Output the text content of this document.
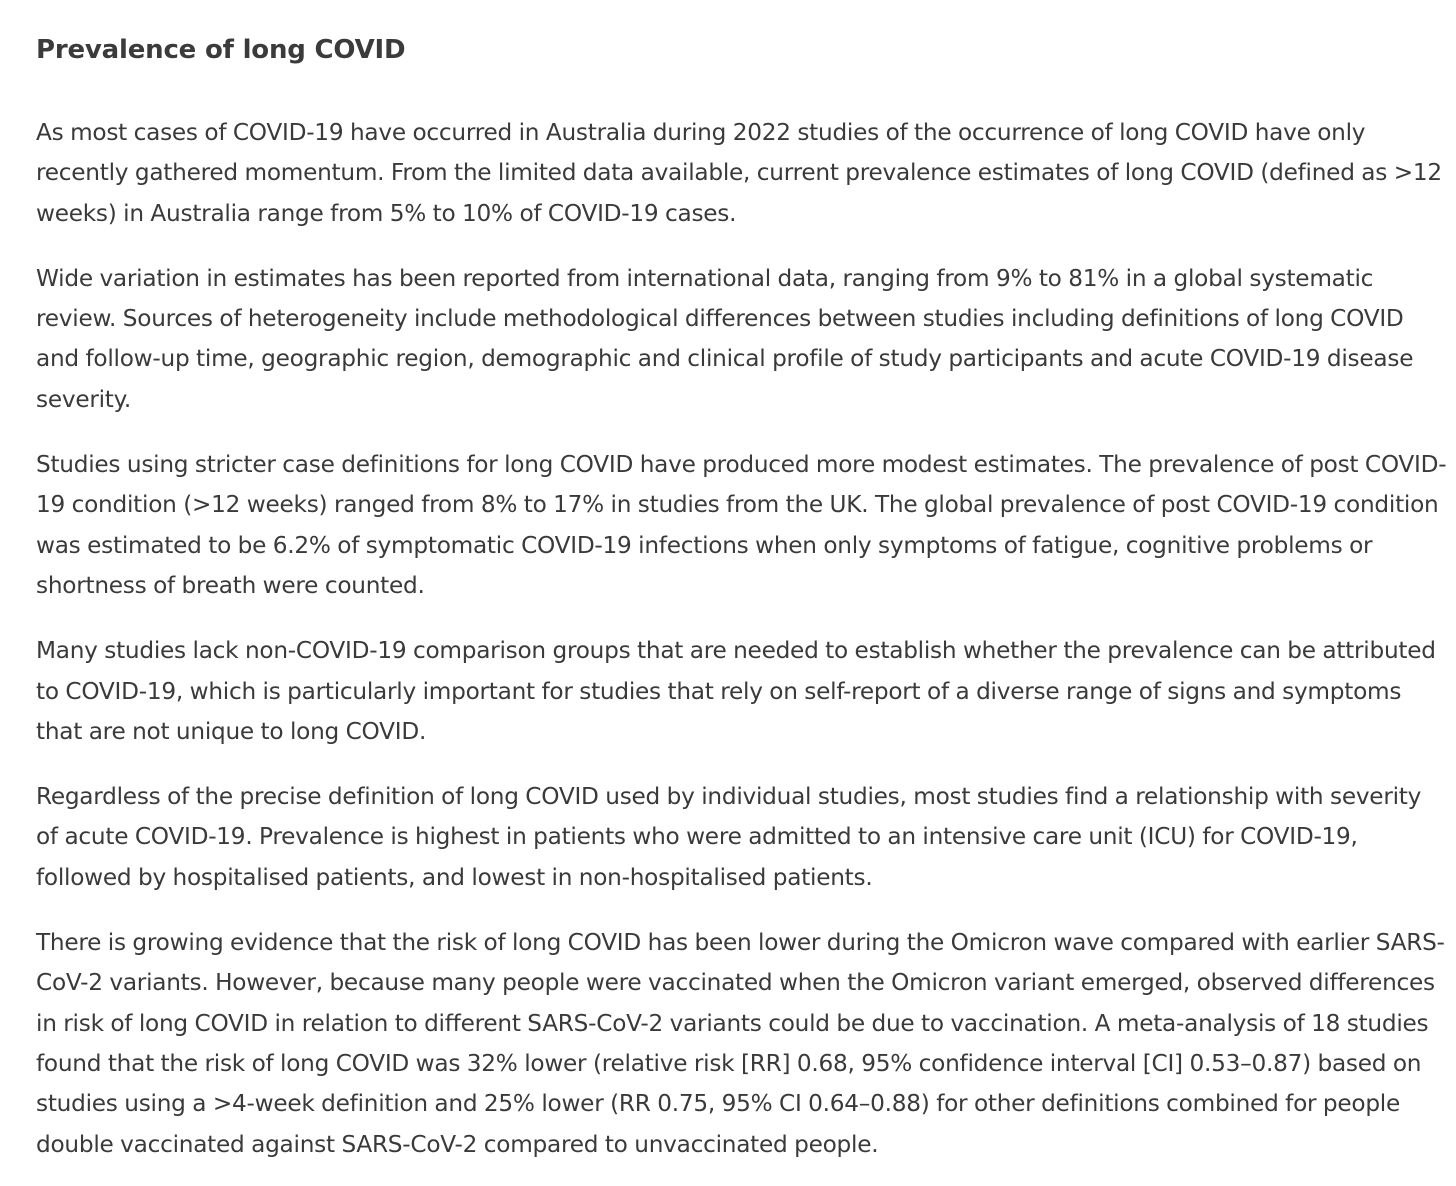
Prevalence of long COVID

As most cases of COVID-19 have occurred in Australia during 2022 studies of the occurrence of long COVID have only recently gathered momentum. From the limited data available, current prevalence estimates of long COVID (defined as >12 weeks) in Australia range from 5% to 10% of COVID-19 cases.

Wide variation in estimates has been reported from international data, ranging from 9% to 81% in a global systematic review. Sources of heterogeneity include methodological differences between studies including definitions of long COVID and follow-up time, geographic region, demographic and clinical profile of study participants and acute COVID-19 disease severity.

Studies using stricter case definitions for long COVID have produced more modest estimates. The prevalence of post COVID-19 condition (>12 weeks) ranged from 8% to 17% in studies from the UK. The global prevalence of post COVID-19 condition was estimated to be 6.2% of symptomatic COVID-19 infections when only symptoms of fatigue, cognitive problems or shortness of breath were counted.

Many studies lack non-COVID-19 comparison groups that are needed to establish whether the prevalence can be attributed to COVID-19, which is particularly important for studies that rely on self-report of a diverse range of signs and symptoms that are not unique to long COVID.

Regardless of the precise definition of long COVID used by individual studies, most studies find a relationship with severity of acute COVID-19. Prevalence is highest in patients who were admitted to an intensive care unit (ICU) for COVID-19, followed by hospitalised patients, and lowest in non-hospitalised patients.

There is growing evidence that the risk of long COVID has been lower during the Omicron wave compared with earlier SARS-CoV-2 variants. However, because many people were vaccinated when the Omicron variant emerged, observed differences in risk of long COVID in relation to different SARS-CoV-2 variants could be due to vaccination. A meta-analysis of 18 studies found that the risk of long COVID was 32% lower (relative risk [RR] 0.68, 95% confidence interval [CI] 0.53–0.87) based on studies using a >4-week definition and 25% lower (RR 0.75, 95% CI 0.64–0.88) for other definitions combined for people double vaccinated against SARS-CoV-2 compared to unvaccinated people.
